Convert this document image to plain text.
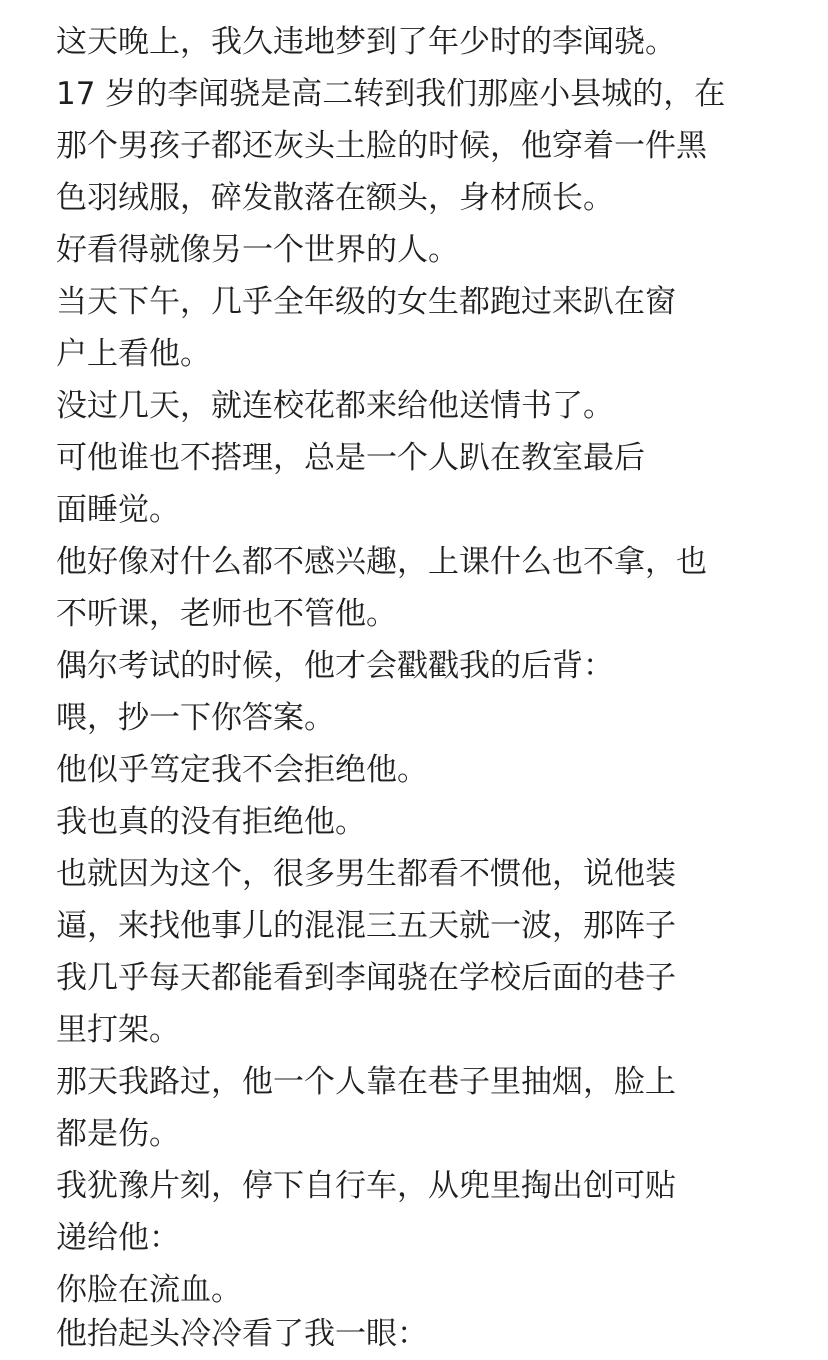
这天晚上，我久违地梦到了年少时的李闻骁。
17 岁的李闻骁是高二转到我们那座小县城的，在
那个男孩子都还灰头土脸的时候，他穿着一件黑
色羽绒服，碎发散落在额头，身材颀长。
好看得就像另一个世界的人。
当天下午，几乎全年级的女生都跑过来趴在窗
户上看他。
没过几天，就连校花都来给他送情书了。
可他谁也不搭理，总是一个人趴在教室最后
面睡觉。
他好像对什么都不感兴趣，上课什么也不拿，也
不听课，老师也不管他。
偶尔考试的时候，他才会戳戳我的后背：
喂，抄一下你答案。
他似乎笃定我不会拒绝他。
我也真的没有拒绝他。
也就因为这个，很多男生都看不惯他，说他装
逼，来找他事儿的混混三五天就一波，那阵子
我几乎每天都能看到李闻骁在学校后面的巷子
里打架。
那天我路过，他一个人靠在巷子里抽烟，脸上
都是伤。
我犹豫片刻，停下自行车，从兜里掏出创可贴
递给他：
你脸在流血。
他抬起头冷冷看了我一眼：
